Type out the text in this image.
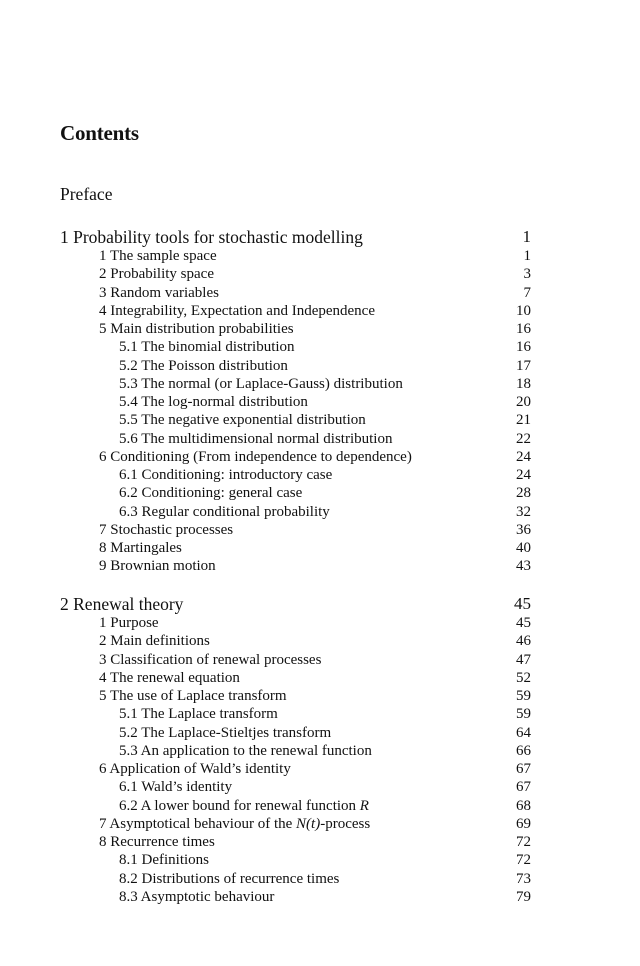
Contents
Preface
1 Probability tools for stochastic modelling	1
1 The sample space	1
2 Probability space	3
3 Random variables	7
4 Integrability, Expectation and Independence	10
5 Main distribution probabilities	16
5.1 The binomial distribution	16
5.2 The Poisson distribution	17
5.3 The normal (or Laplace-Gauss) distribution	18
5.4 The log-normal distribution	20
5.5 The negative exponential distribution	21
5.6 The multidimensional normal distribution	22
6 Conditioning (From independence to dependence)	24
6.1 Conditioning: introductory case	24
6.2 Conditioning: general case	28
6.3 Regular conditional probability	32
7 Stochastic processes	36
8 Martingales	40
9 Brownian motion	43
2 Renewal theory	45
1 Purpose	45
2 Main definitions	46
3 Classification of renewal processes	47
4 The renewal equation	52
5 The use of Laplace transform	59
5.1 The Laplace transform	59
5.2 The Laplace-Stieltjes transform	64
5.3 An application to the renewal function	66
6 Application of Wald’s identity	67
6.1 Wald’s identity	67
6.2 A lower bound for renewal function R	68
7 Asymptotical behaviour of the N(t)-process	69
8 Recurrence times	72
8.1 Definitions	72
8.2 Distributions of recurrence times	73
8.3 Asymptotic behaviour	79
